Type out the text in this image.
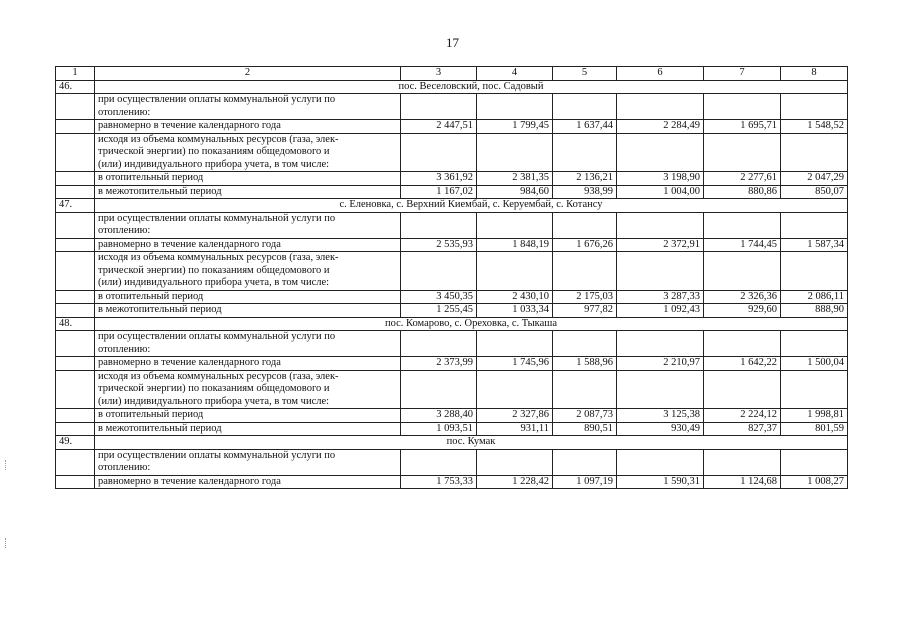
17
1	2	3	4	5	6	7	8
46.	пос. Веселовский, пос. Садовый						

	при осуществлении оплаты коммунальной услуги по
отоплению:						

	равномерно в течение календарного года	2 447,51	1 799,45	1 637,44	2 284,49	1 695,71	1 548,52

	исходя из объема коммунальных ресурсов (газа, элек-
трической энергии) по показаниям общедомового и
(или) индивидуального прибора учета, в том числе:						

	в отопительный период	3 361,92	2 381,35	2 136,21	3 198,90	2 277,61	2 047,29

	в межотопительный период	1 167,02	984,60	938,99	1 004,00	880,86	850,07
47.	с. Еленовка, с. Верхний Киембай, с. Керуембай, с. Котансу						

	при осуществлении оплаты коммунальной услуги по
отоплению:						

	равномерно в течение календарного года	2 535,93	1 848,19	1 676,26	2 372,91	1 744,45	1 587,34

	исходя из объема коммунальных ресурсов (газа, элек-
трической энергии) по показаниям общедомового и
(или) индивидуального прибора учета, в том числе:						

	в отопительный период	3 450,35	2 430,10	2 175,03	3 287,33	2 326,36	2 086,11

	в межотопительный период	1 255,45	1 033,34	977,82	1 092,43	929,60	888,90
48.	пос. Комарово, с. Ореховка, с. Тыкаша						

	при осуществлении оплаты коммунальной услуги по
отоплению:						

	равномерно в течение календарного года	2 373,99	1 745,96	1 588,96	2 210,97	1 642,22	1 500,04

	исходя из объема коммунальных ресурсов (газа, элек-
трической энергии) по показаниям общедомового и
(или) индивидуального прибора учета, в том числе:						

	в отопительный период	3 288,40	2 327,86	2 087,73	3 125,38	2 224,12	1 998,81

	в межотопительный период	1 093,51	931,11	890,51	930,49	827,37	801,59
49.	пос. Кумак						

	при осуществлении оплаты коммунальной услуги по
отоплению:						

	равномерно в течение календарного года	1 753,33	1 228,42	1 097,19	1 590,31	1 124,68	1 008,27
